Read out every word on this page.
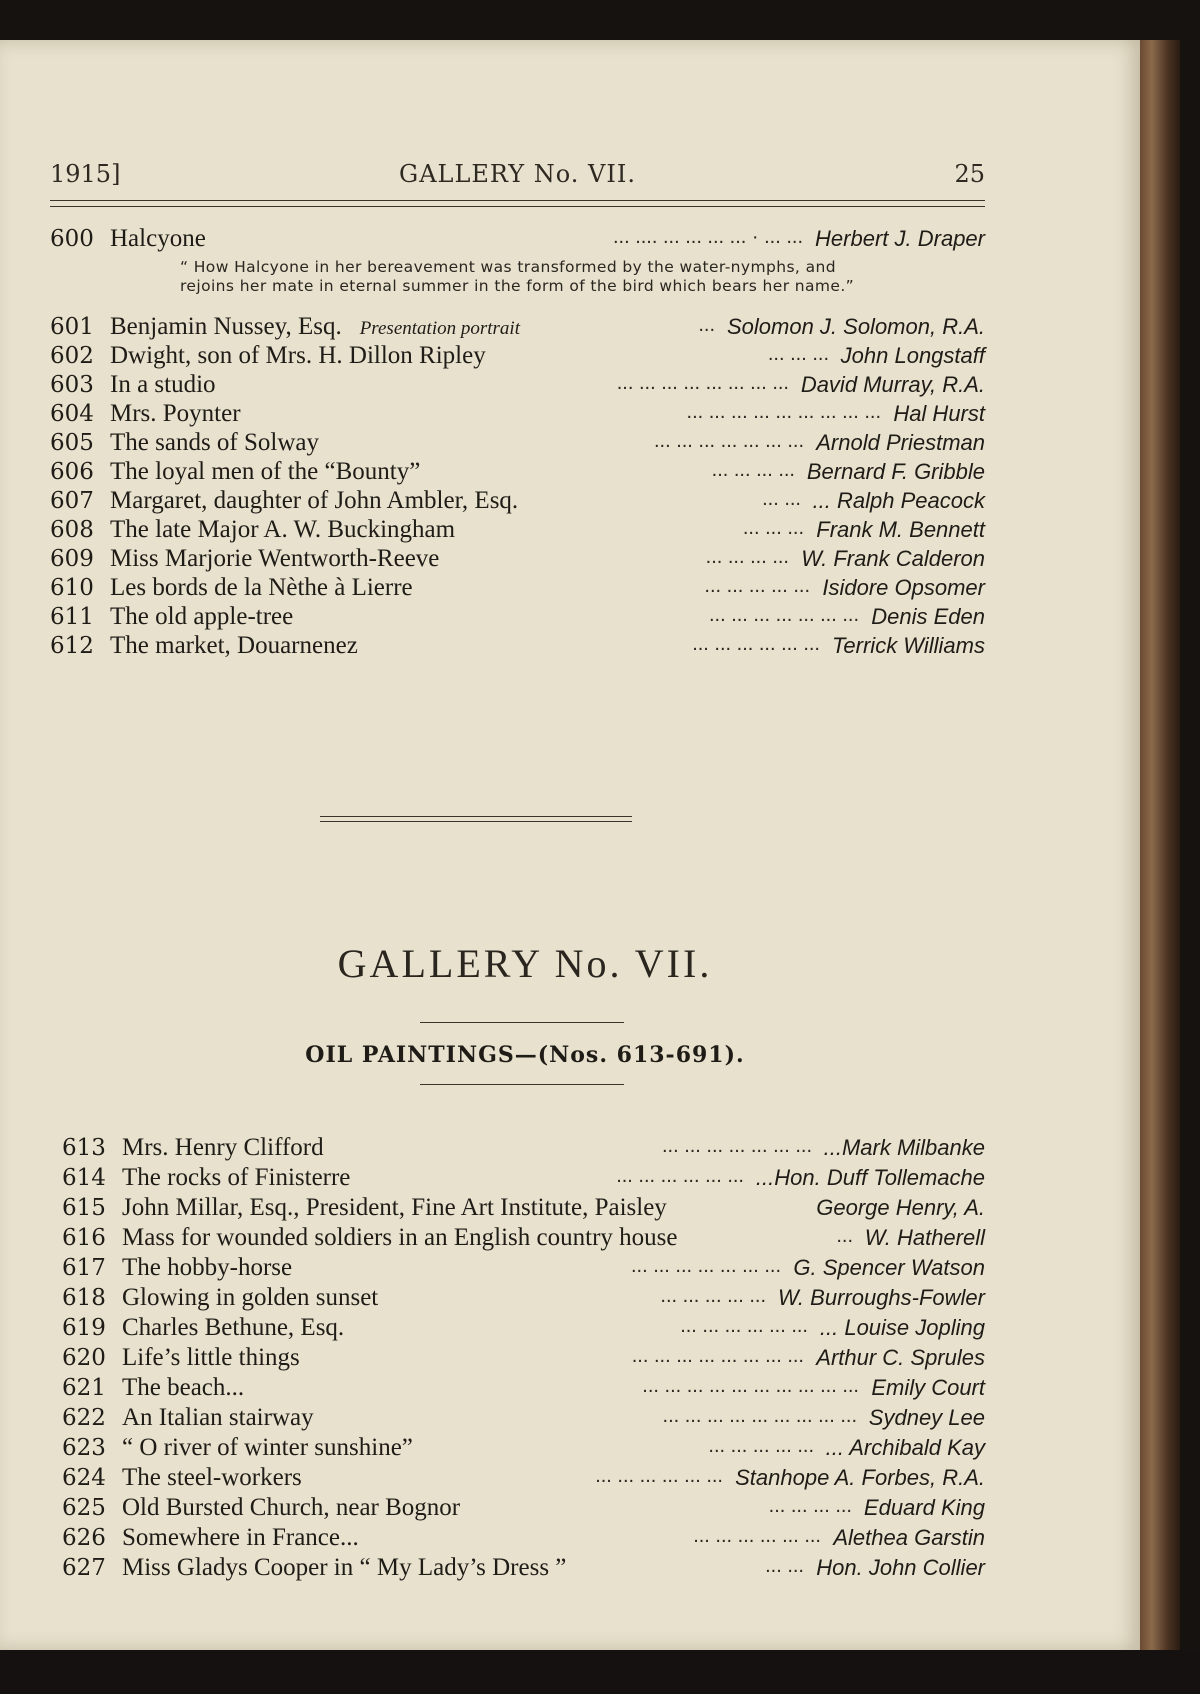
1915]	GALLERY No. VII.	25
600 Halcyone	... .... ... ... ... ... · ... ... Herbert J. Draper
601 Benjamin Nussey, Esq. Presentation portrait	... Solomon J. Solomon, R.A.
602 Dwight, son of Mrs. H. Dillon Ripley	... ... ... John Longstaff
603 In a studio	... ... ... ... ... ... ... ... David Murray, R.A.
604 Mrs. Poynter	... ... ... ... ... ... ... ... ... Hal Hurst
605 The sands of Solway	... ... ... ... ... ... ... Arnold Priestman
606 The loyal men of the “Bounty”	... ... ... ... Bernard F. Gribble
607 Margaret, daughter of John Ambler, Esq.	... ... ... Ralph Peacock
608 The late Major A. W. Buckingham	... ... ... Frank M. Bennett
609 Miss Marjorie Wentworth-Reeve	... ... ... ... W. Frank Calderon
610 Les bords de la Nèthe à Lierre	... ... ... ... ... Isidore Opsomer
611 The old apple-tree	... ... ... ... ... ... ... Denis Eden
612 The market, Douarnenez	... ... ... ... ... ... Terrick Williams
“ How Halcyone in her bereavement was transformed by the water-nymphs, and rejoins her mate in eternal summer in the form of the bird which bears her name.”
GALLERY No. VII.
OIL PAINTINGS—(Nos. 613-691).
613 Mrs. Henry Clifford	... ... ... ... ... ... ... ...Mark Milbanke
614 The rocks of Finisterre	... ... ... ... ... ... ...Hon. Duff Tollemache
615 John Millar, Esq., President, Fine Art Institute, Paisley	George Henry, A.
616 Mass for wounded soldiers in an English country house	... W. Hatherell
617 The hobby-horse	... ... ... ... ... ... ... G. Spencer Watson
618 Glowing in golden sunset	... ... ... ... ... W. Burroughs-Fowler
619 Charles Bethune, Esq.	... ... ... ... ... ... ... Louise Jopling
620 Life’s little things	... ... ... ... ... ... ... ... Arthur C. Sprules
621 The beach...	... ... ... ... ... ... ... ... ... ... Emily Court
622 An Italian stairway	... ... ... ... ... ... ... ... ... Sydney Lee
623 “ O river of winter sunshine”	... ... ... ... ... ... Archibald Kay
624 The steel-workers	... ... ... ... ... ... Stanhope A. Forbes, R.A.
625 Old Bursted Church, near Bognor	... ... ... ... Eduard King
626 Somewhere in France...	... ... ... ... ... ... Alethea Garstin
627 Miss Gladys Cooper in “ My Lady’s Dress ”	... ... Hon. John Collier
